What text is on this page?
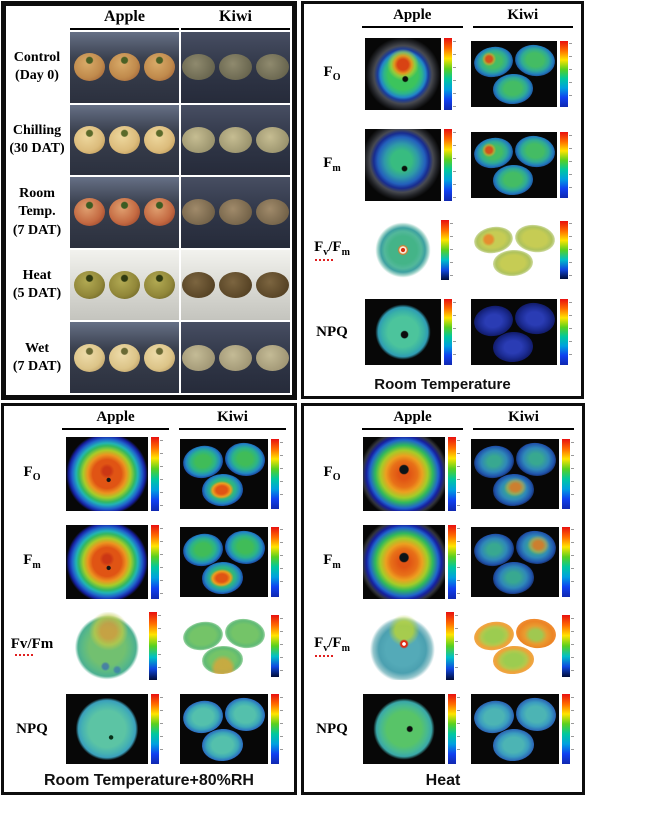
Apple	Kiwi
Control
(Day 0)
Chilling
(30 DAT)
Room
Temp.
(7 DAT)
Heat
(5 DAT)
Wet
(7 DAT)
Apple	Kiwi
$F_O$
$F_m$
$F_v/F_m$
NPQ
Room Temperature
Apple	Kiwi
$F_O$
$F_m$
Fv/Fm
NPQ
Room Temperature+80%RH
Apple	Kiwi
$F_O$
$F_m$
$F_v/F_m$
NPQ
Heat
